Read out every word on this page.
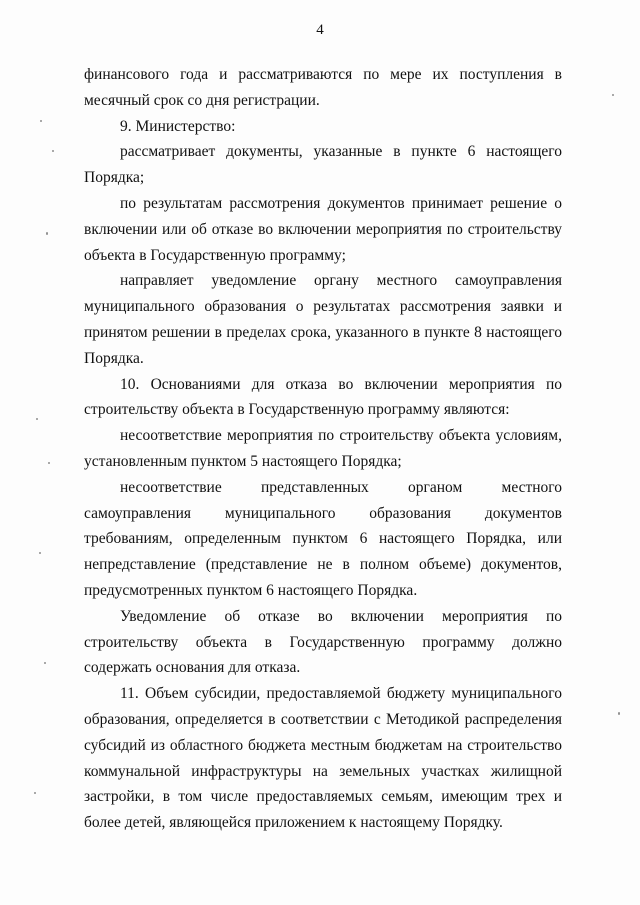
4

финансового года и рассматриваются по мере их поступления в месячный срок со дня регистрации.

9. Министерство:

рассматривает документы, указанные в пункте 6 настоящего Порядка;

по результатам рассмотрения документов принимает решение о включении или об отказе во включении мероприятия по строительству объекта в Государственную программу;

направляет уведомление органу местного самоуправления муниципального образования о результатах рассмотрения заявки и принятом решении в пределах срока, указанного в пункте 8 настоящего Порядка.

10. Основаниями для отказа во включении мероприятия по строительству объекта в Государственную программу являются:

несоответствие мероприятия по строительству объекта условиям, установленным пунктом 5 настоящего Порядка;

несоответствие представленных органом местного самоуправления муниципального образования документов требованиям, определенным пунктом 6 настоящего Порядка, или непредставление (представление не в полном объеме) документов, предусмотренных пунктом 6 настоящего Порядка.

Уведомление об отказе во включении мероприятия по строительству объекта в Государственную программу должно содержать основания для отказа.

11. Объем субсидии, предоставляемой бюджету муниципального образования, определяется в соответствии с Методикой распределения субсидий из областного бюджета местным бюджетам на строительство коммунальной инфраструктуры на земельных участках жилищной застройки, в том числе предоставляемых семьям, имеющим трех и более детей, являющейся приложением к настоящему Порядку.
